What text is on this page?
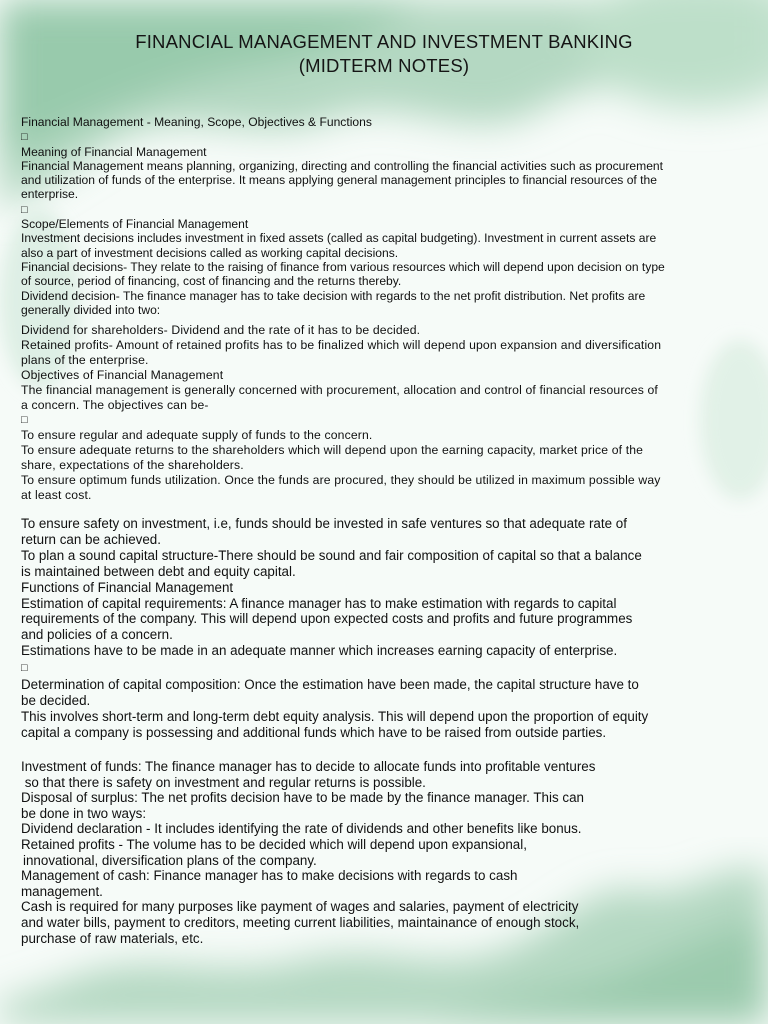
FINANCIAL MANAGEMENT AND INVESTMENT BANKING
(MIDTERM NOTES)
Financial Management - Meaning, Scope, Objectives & Functions
□
Meaning of Financial Management
Financial Management means planning, organizing, directing and controlling the financial activities such as procurement
and utilization of funds of the enterprise. It means applying general management principles to financial resources of the
enterprise.
□
Scope/Elements of Financial Management
Investment decisions includes investment in fixed assets (called as capital budgeting). Investment in current assets are
also a part of investment decisions called as working capital decisions.
Financial decisions- They relate to the raising of finance from various resources which will depend upon decision on type
of source, period of financing, cost of financing and the returns thereby.
Dividend decision- The finance manager has to take decision with regards to the net profit distribution. Net profits are
generally divided into two:
Dividend for shareholders- Dividend and the rate of it has to be decided.
Retained profits- Amount of retained profits has to be finalized which will depend upon expansion and diversification
plans of the enterprise.
Objectives of Financial Management
The financial management is generally concerned with procurement, allocation and control of financial resources of
a concern. The objectives can be-
□
To ensure regular and adequate supply of funds to the concern.
To ensure adequate returns to the shareholders which will depend upon the earning capacity, market price of the
share, expectations of the shareholders.
To ensure optimum funds utilization. Once the funds are procured, they should be utilized in maximum possible way
at least cost.
To ensure safety on investment, i.e, funds should be invested in safe ventures so that adequate rate of
return can be achieved.
To plan a sound capital structure-There should be sound and fair composition of capital so that a balance
is maintained between debt and equity capital.
Functions of Financial Management
Estimation of capital requirements: A finance manager has to make estimation with regards to capital
requirements of the company. This will depend upon expected costs and profits and future programmes
and policies of a concern.
Estimations have to be made in an adequate manner which increases earning capacity of enterprise.
□
Determination of capital composition: Once the estimation have been made, the capital structure have to
be decided.
This involves short-term and long-term debt equity analysis. This will depend upon the proportion of equity
capital a company is possessing and additional funds which have to be raised from outside parties.
Investment of funds: The finance manager has to decide to allocate funds into profitable ventures
so that there is safety on investment and regular returns is possible.
Disposal of surplus: The net profits decision have to be made by the finance manager. This can
be done in two ways:
Dividend declaration - It includes identifying the rate of dividends and other benefits like bonus.
Retained profits - The volume has to be decided which will depend upon expansional,
innovational, diversification plans of the company.
Management of cash: Finance manager has to make decisions with regards to cash
management.
Cash is required for many purposes like payment of wages and salaries, payment of electricity
and water bills, payment to creditors, meeting current liabilities, maintainance of enough stock,
purchase of raw materials, etc.
